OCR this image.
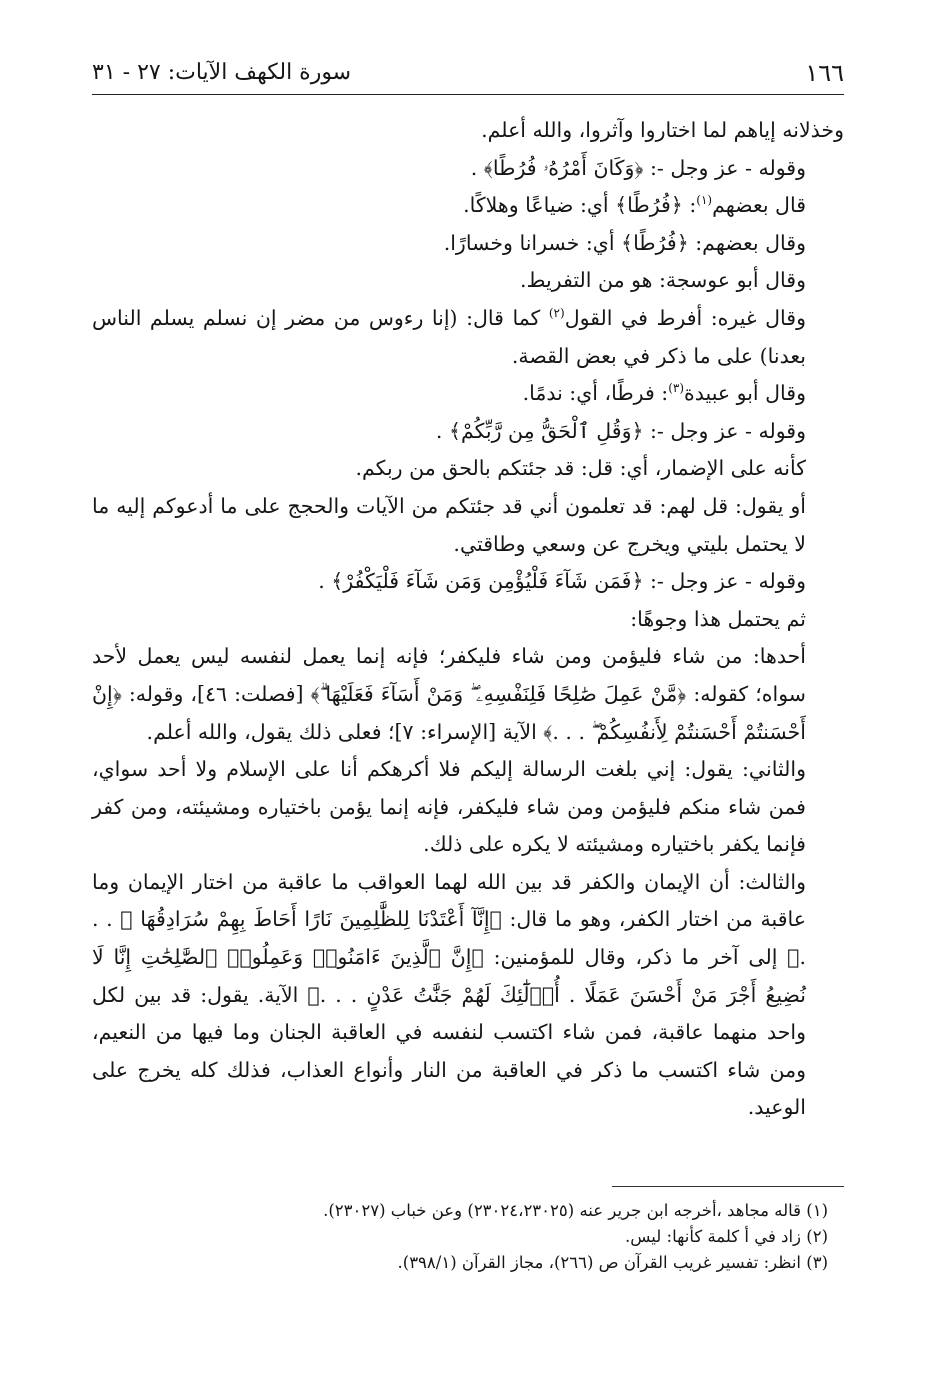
١٦٦
سورة الكهف الآيات: ٢٧ - ٣١

وخذلانه إياهم لما اختاروا وآثروا، والله أعلم.

وقوله - عز وجل -: ﴿وَكَانَ أَمْرُهُۥ فُرُطًا﴾ .

قال بعضهم$^{(١)}$: ﴿فُرُطًا﴾ أي: ضياعًا وهلاكًا.

وقال بعضهم: ﴿فُرُطًا﴾ أي: خسرانا وخسارًا.

وقال أبو عوسجة: هو من التفريط.

وقال غيره: أفرط في القول$^{(٢)}$ كما قال: (إنا رءوس من مضر إن نسلم يسلم الناس بعدنا) على ما ذكر في بعض القصة.

وقال أبو عبيدة$^{(٣)}$: فرطًا، أي: ندمًا.

وقوله - عز وجل -: ﴿وَقُلِ ٱلْحَقُّ مِن رَّبِّكُمْ﴾ .

كأنه على الإضمار، أي: قل: قد جئتكم بالحق من ربكم.

أو يقول: قل لهم: قد تعلمون أني قد جئتكم من الآيات والحجج على ما أدعوكم إليه ما لا يحتمل بليتي ويخرج عن وسعي وطاقتي.

وقوله - عز وجل -: ﴿فَمَن شَآءَ فَلْيُؤْمِن وَمَن شَآءَ فَلْيَكْفُرْ﴾ .

ثم يحتمل هذا وجوهًا:

أحدها: من شاء فليؤمن ومن شاء فليكفر؛ فإنه إنما يعمل لنفسه ليس يعمل لأحد سواه؛ كقوله: ﴿مَّنْ عَمِلَ صَٰلِحًا فَلِنَفْسِهِۦ ۖ وَمَنْ أَسَآءَ فَعَلَيْهَا ۗ﴾ [فصلت: ٤٦]، وقوله: ﴿إِنْ أَحْسَنتُمْ أَحْسَنتُمْ لِأَنفُسِكُمْ ۖ . . .﴾ الآية [الإسراء: ٧]؛ فعلى ذلك يقول، والله أعلم.

والثاني: يقول: إني بلغت الرسالة إليكم فلا أكرهكم أنا على الإسلام ولا أحد سواي، فمن شاء منكم فليؤمن ومن شاء فليكفر، فإنه إنما يؤمن باختياره ومشيئته، ومن كفر فإنما يكفر باختياره ومشيئته لا يكره على ذلك.

والثالث: أن الإيمان والكفر قد بين الله لهما العواقب ما عاقبة من اختار الإيمان وما عاقبة من اختار الكفر، وهو ما قال: ﴿إِنَّآ أَعْتَدْنَا لِلظَّٰلِمِينَ نَارًا أَحَاطَ بِهِمْ سُرَادِقُهَا ۚ . . .﴾ إلى آخر ما ذكر، وقال للمؤمنين: ﴿إِنَّ ٱلَّذِينَ ءَامَنُوا۟ وَعَمِلُوا۟ ٱلصَّٰلِحَٰتِ إِنَّا لَا نُضِيعُ أَجْرَ مَنْ أَحْسَنَ عَمَلًا . أُو۟لَٰٓئِكَ لَهُمْ جَنَّٰتُ عَدْنٍ . . .﴾ الآية. يقول: قد بين لكل واحد منهما عاقبة، فمن شاء اكتسب لنفسه في العاقبة الجنان وما فيها من النعيم، ومن شاء اكتسب ما ذكر في العاقبة من النار وأنواع العذاب، فذلك كله يخرج على الوعيد.

(١) قاله مجاهد ،أخرجه ابن جرير عنه (٢٣٠٢٤،٢٣٠٢٥) وعن خباب (٢٣٠٢٧).

(٢) زاد في أ كلمة كأنها: ليس.

(٣) انظر: تفسير غريب القرآن ص (٢٦٦)، مجاز القرآن (٣٩٨/١).
